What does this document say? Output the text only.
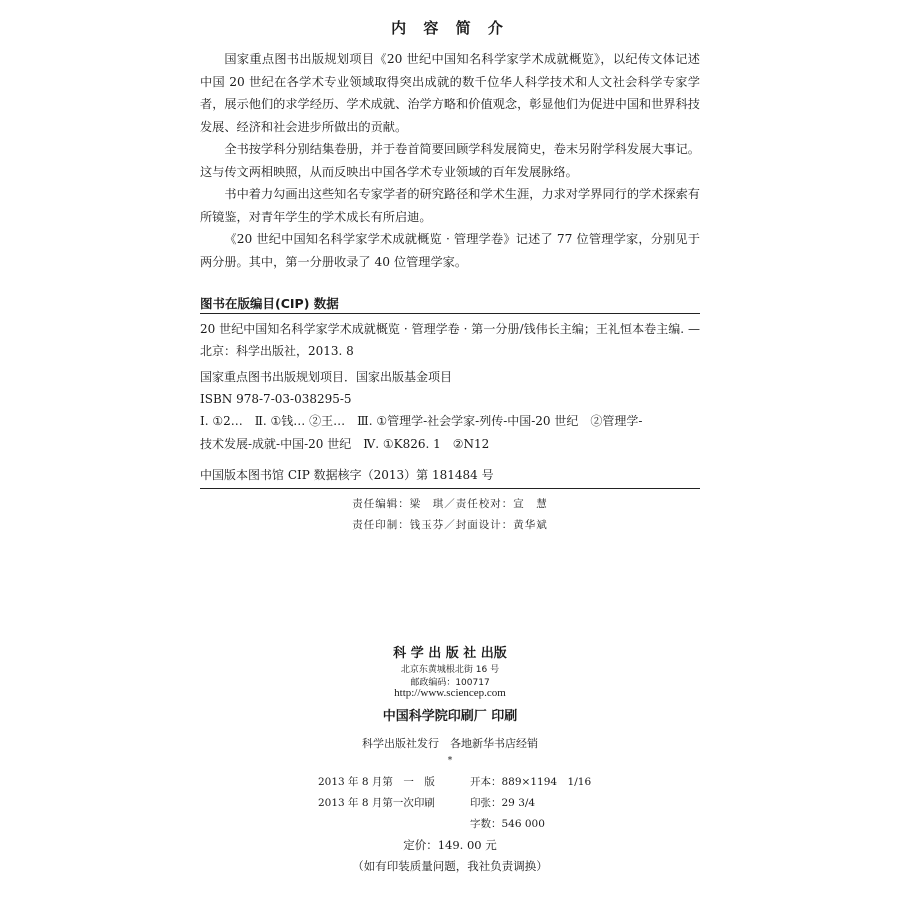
内 容 简 介

国家重点图书出版规划项目《20 世纪中国知名科学家学术成就概览》，以纪传文体记述中国 20 世纪在各学术专业领域取得突出成就的数千位华人科学技术和人文社会科学专家学者，展示他们的求学经历、学术成就、治学方略和价值观念，彰显他们为促进中国和世界科技发展、经济和社会进步所做出的贡献。

全书按学科分别结集卷册，并于卷首简要回顾学科发展简史，卷末另附学科发展大事记。这与传文两相映照，从而反映出中国各学术专业领域的百年发展脉络。

书中着力勾画出这些知名专家学者的研究路径和学术生涯，力求对学界同行的学术探索有所镜鉴，对青年学生的学术成长有所启迪。

《20 世纪中国知名科学家学术成就概览 · 管理学卷》记述了 77 位管理学家，分别见于两分册。其中，第一分册收录了 40 位管理学家。

图书在版编目(CIP) 数据

20 世纪中国知名科学家学术成就概览 · 管理学卷 · 第一分册/钱伟长主编；王礼恒本卷主编. —北京：科学出版社，2013. 8

国家重点图书出版规划项目．国家出版基金项目

ISBN 978-7-03-038295-5

Ⅰ. ①2…　Ⅱ. ①钱… ②王…　Ⅲ. ①管理学-社会学家-列传-中国-20 世纪　②管理学-

技术发展-成就-中国-20 世纪　Ⅳ. ①K826. 1　②N12

中国版本图书馆 CIP 数据核字（2013）第 181484 号
责任编辑：梁　琪／责任校对：宣　慧
责任印制：钱玉芬／封面设计：黄华斌
科 学 出 版 社 出版
北京东黄城根北街 16 号
邮政编码：100717
http://www.sciencep.com
中国科学院印刷厂 印刷
科学出版社发行　各地新华书店经销
*
2013 年 8 月第　一　版	开本：889×1194　1/16
2013 年 8 月第一次印刷	印张：29 3/4
字数：546 000
定价：149. 00 元
（如有印装质量问题，我社负责调换）
